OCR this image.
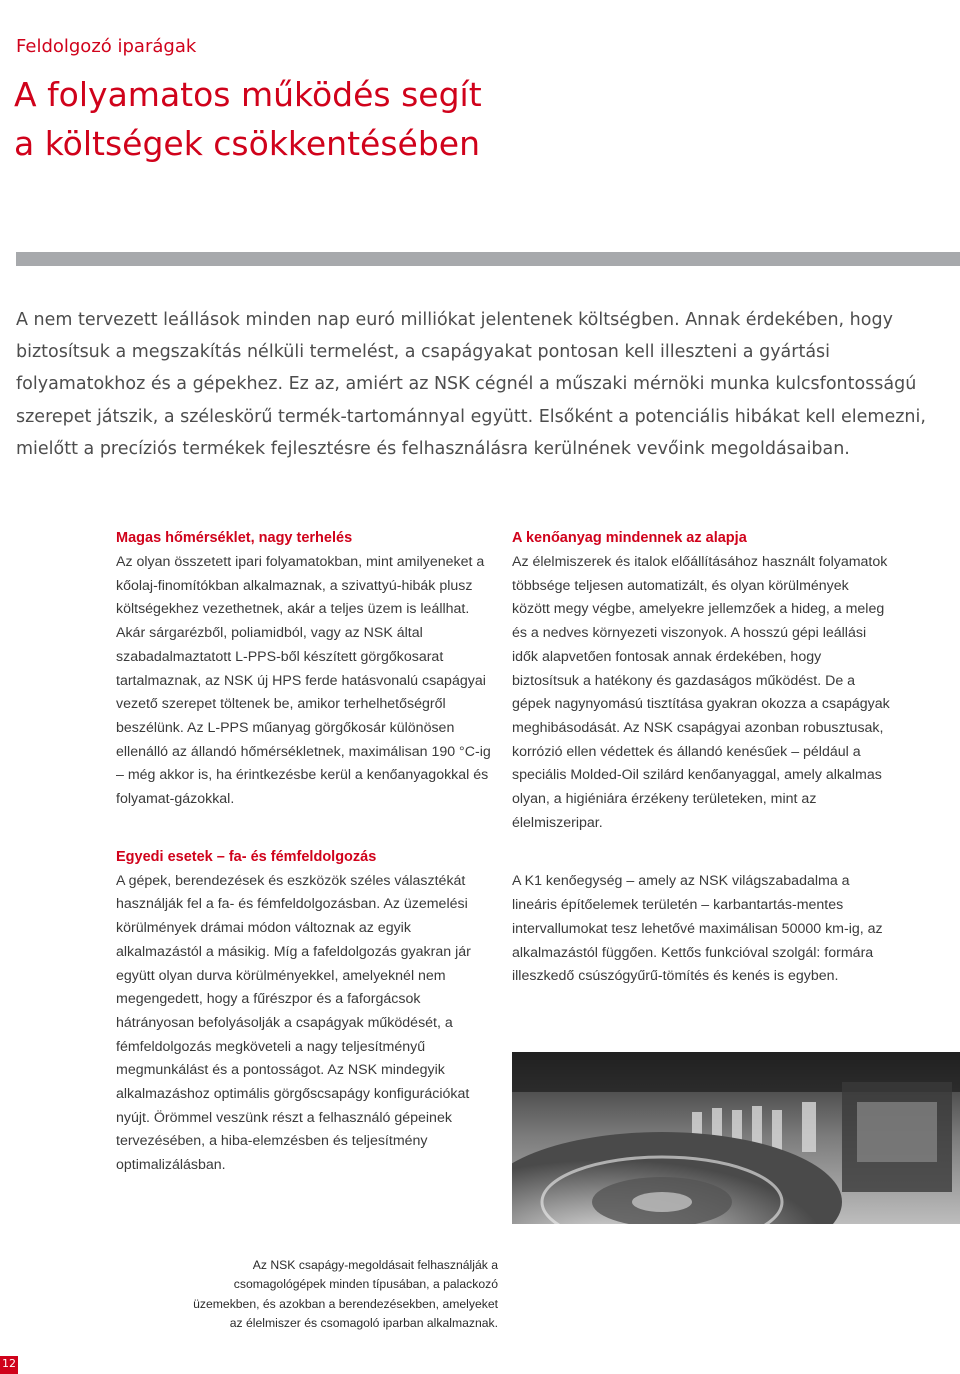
Feldolgozó iparágak
A folyamatos működés segít
a költségek csökkentésében

A nem tervezett leállások minden nap euró milliókat jelentenek költségben. Annak érdekében, hogy biztosítsuk a megszakítás nélküli termelést, a csapágyakat pontosan kell illeszteni a gyártási folyamatokhoz és a gépekhez. Ez az, amiért az NSK cégnél a műszaki mérnöki munka kulcsfontosságú szerepet játszik, a széleskörű termék-tartománnyal együtt. Elsőként a potenciális hibákat kell elemezni, mielőtt a precíziós termékek fejlesztésre és felhasználásra kerülnének vevőink megoldásaiban.

Magas hőmérséklet, nagy terhelés

Az olyan összetett ipari folyamatokban, mint amilyeneket a kőolaj-finomítókban alkalmaznak, a szivattyú-hibák plusz költségekhez vezethetnek, akár a teljes üzem is leállhat. Akár sárgarézből, poliamidból, vagy az NSK által szabadalmaztatott L-PPS-ből készített görgőkosarat tartalmaznak, az NSK új HPS ferde hatásvonalú csapágyai vezető szerepet töltenek be, amikor terhelhetőségről beszélünk. Az L-PPS műanyag görgőkosár különösen ellenálló az állandó hőmérsékletnek, maximálisan 190 °C-ig – még akkor is, ha érintkezésbe kerül a kenőanyagokkal és folyamat-gázokkal.

Egyedi esetek – fa- és fémfeldolgozás

A gépek, berendezések és eszközök széles választékát használják fel a fa- és fémfeldolgozásban. Az üzemelési körülmények drámai módon változnak az egyik alkalmazástól a másikig. Míg a fafeldolgozás gyakran jár együtt olyan durva körülményekkel, amelyeknél nem megengedett, hogy a fűrészpor és a faforgácsok hátrányosan befolyásolják a csapágyak működését, a fémfeldolgozás megköveteli a nagy teljesítményű megmunkálást és a pontosságot. Az NSK mindegyik alkalmazáshoz optimális görgőscsapágy konfigurációkat nyújt. Örömmel veszünk részt a felhasználó gépeinek tervezésében, a hiba-elemzésben és teljesítmény optimalizálásban.

A kenőanyag mindennek az alapja

Az élelmiszerek és italok előállításához használt folyamatok többsége teljesen automatizált, és olyan körülmények között megy végbe, amelyekre jellemzőek a hideg, a meleg és a nedves környezeti viszonyok. A hosszú gépi leállási idők alapvetően fontosak annak érdekében, hogy biztosítsuk a hatékony és gazdaságos működést. De a gépek nagynyomású tisztítása gyakran okozza a csapágyak meghibásodását. Az NSK csapágyai azonban robusztusak, korrózió ellen védettek és állandó kenésűek – például a speciális Molded-Oil szilárd kenőanyaggal, amely alkalmas olyan, a higiéniára érzékeny területeken, mint az élelmiszeripar.

A K1 kenőegység – amely az NSK világszabadalma a lineáris építőelemek területén – karbantartás-mentes intervallumokat tesz lehetővé maximálisan 50000 km-ig, az alkalmazástól függően. Kettős funkcióval szolgál: formára illeszkedő csúszógyűrű-tömítés és kenés is egyben.

Az NSK csapágy-megoldásait felhasználják a csomagológépek minden típusában, a palackozó üzemekben, és azokban a berendezésekben, amelyeket az élelmiszer és csomagoló iparban alkalmaznak.

12
